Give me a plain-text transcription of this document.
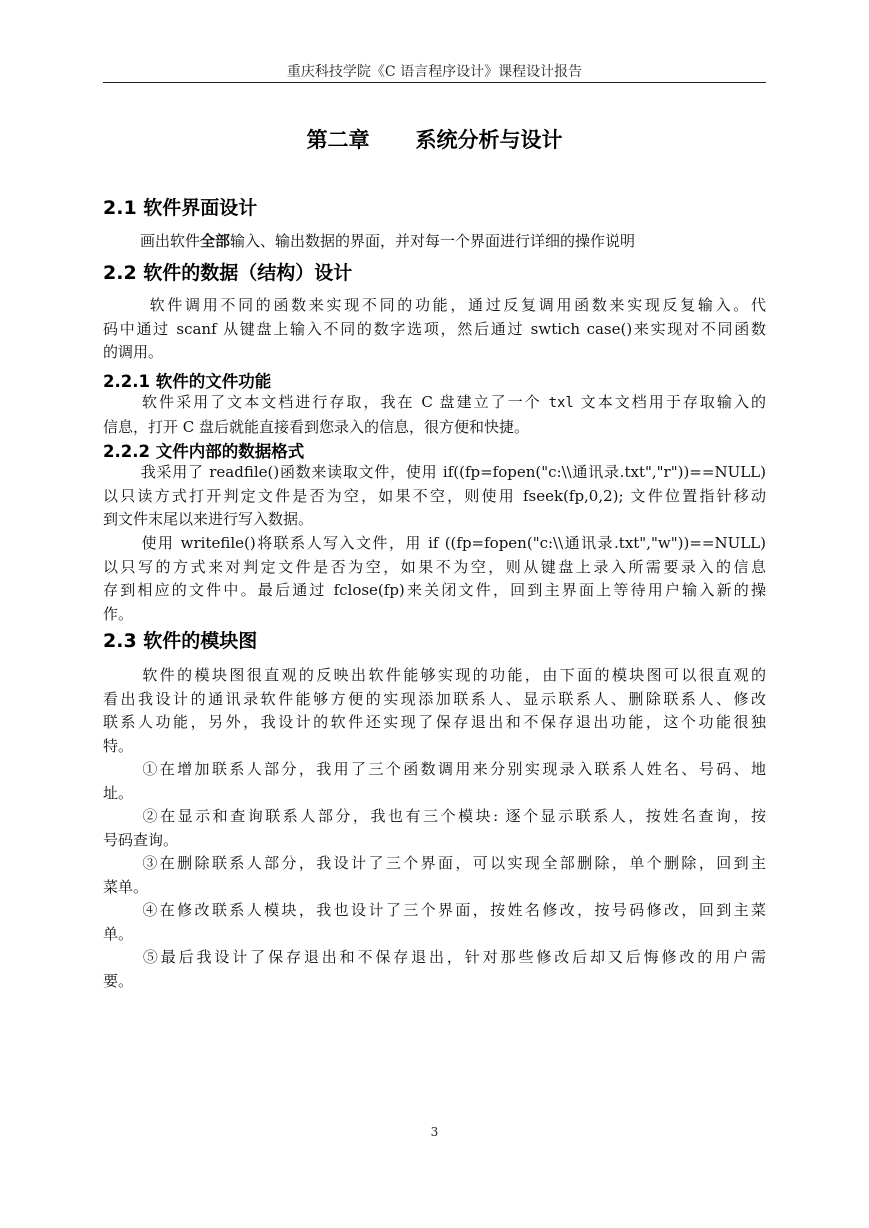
重庆科技学院《C 语言程序设计》课程设计报告
第二章 系统分析与设计
2.1 软件界面设计
画出软件全部输入、输出数据的界面，并对每一个界面进行详细的操作说明
2.2 软件的数据（结构）设计
软件调用不同的函数来实现不同的功能，通过反复调用函数来实现反复输入。代
码中通过 scanf 从键盘上输入不同的数字选项，然后通过 swtich case()来实现对不同函数
的调用。
2.2.1 软件的文件功能
软件采用了文本文档进行存取，我在 C 盘建立了一个 txl 文本文档用于存取输入的
信息，打开 C 盘后就能直接看到您录入的信息，很方便和快捷。
2.2.2 文件内部的数据格式
我采用了 readfile()函数来读取文件，使用 if((fp=fopen("c:\\通讯录.txt","r"))==NULL)
以只读方式打开判定文件是否为空，如果不空，则使用 fseek(fp,0,2); 文件位置指针移动
到文件末尾以来进行写入数据。
使用 writefile()将联系人写入文件，用 if ((fp=fopen("c:\\通讯录.txt","w"))==NULL)
以只写的方式来对判定文件是否为空，如果不为空，则从键盘上录入所需要录入的信息
存到相应的文件中。最后通过 fclose(fp)来关闭文件，回到主界面上等待用户输入新的操
作。
2.3 软件的模块图
软件的模块图很直观的反映出软件能够实现的功能，由下面的模块图可以很直观的
看出我设计的通讯录软件能够方便的实现添加联系人、显示联系人、删除联系人、修改
联系人功能，另外，我设计的软件还实现了保存退出和不保存退出功能，这个功能很独
特。
①在增加联系人部分，我用了三个函数调用来分别实现录入联系人姓名、号码、地
址。
②在显示和查询联系人部分，我也有三个模块: 逐个显示联系人，按姓名查询，按
号码查询。
③在删除联系人部分，我设计了三个界面，可以实现全部删除，单个删除，回到主
菜单。
④在修改联系人模块，我也设计了三个界面，按姓名修改，按号码修改，回到主菜
单。
⑤最后我设计了保存退出和不保存退出，针对那些修改后却又后悔修改的用户需
要。
3
